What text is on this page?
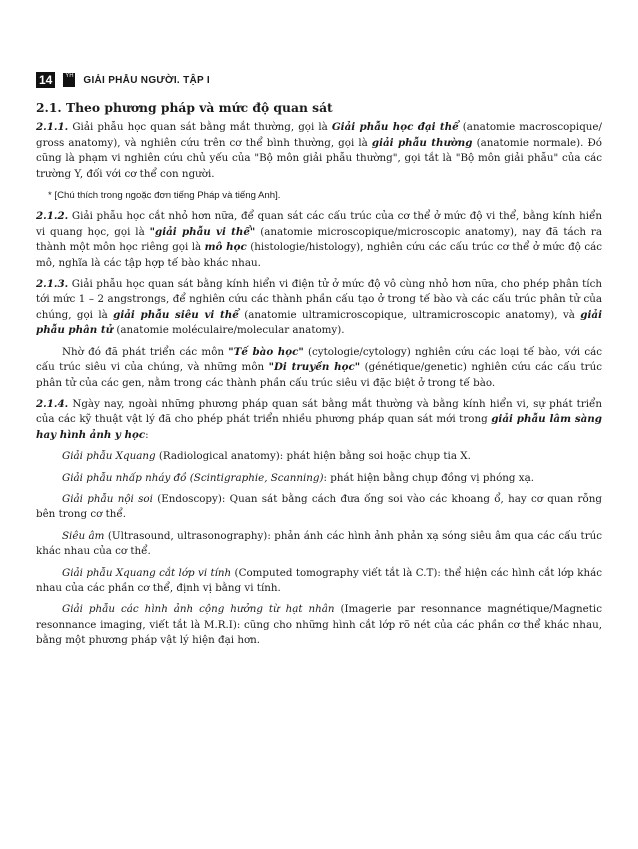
14	YH GIẢI PHẪU NGƯỜI. TẬP I
2.1. Theo phương pháp và mức độ quan sát

2.1.1. Giải phẫu học quan sát bằng mắt thường, gọi là Giải phẫu học đại thể (anatomie macroscopique/ gross anatomy), và nghiên cứu trên cơ thể bình thường, gọi là giải phẫu thường (anatomie normale). Đó cũng là phạm vi nghiên cứu chủ yếu của "Bộ môn giải phẫu thường", gọi tắt là "Bộ môn giải phẫu" của các trường Y, đối với cơ thể con người.

* [Chú thích trong ngoặc đơn tiếng Pháp và tiếng Anh].

2.1.2. Giải phẫu học cắt nhỏ hơn nữa, để quan sát các cấu trúc của cơ thể ở mức độ vi thể, bằng kính hiển vi quang học, gọi là "giải phẫu vi thể" (anatomie microscopique/microscopic anatomy), nay đã tách ra thành một môn học riêng gọi là mô học (histologie/histology), nghiên cứu các cấu trúc cơ thể ở mức độ các mô, nghĩa là các tập hợp tế bào khác nhau.

2.1.3. Giải phẫu học quan sát bằng kính hiển vi điện tử ở mức độ vô cùng nhỏ hơn nữa, cho phép phân tích tới mức 1 – 2 angstrongs, để nghiên cứu các thành phần cấu tạo ở trong tế bào và các cấu trúc phân tử của chúng, gọi là giải phẫu siêu vi thể (anatomie ultramicroscopique, ultramicroscopic anatomy), và giải phẫu phân tử (anatomie moléculaire/molecular anatomy).

Nhờ đó đã phát triển các môn "Tế bào học" (cytologie/cytology) nghiên cứu các loại tế bào, với các cấu trúc siêu vi của chúng, và những môn "Di truyền học" (génétique/genetic) nghiên cứu các cấu trúc phân tử của các gen, nằm trong các thành phần cấu trúc siêu vi đặc biệt ở trong tế bào.

2.1.4. Ngày nay, ngoài những phương pháp quan sát bằng mắt thường và bằng kính hiển vi, sự phát triển của các kỹ thuật vật lý đã cho phép phát triển nhiều phương pháp quan sát mới trong giải phẫu lâm sàng hay hình ảnh y học:

Giải phẫu Xquang (Radiological anatomy): phát hiện bằng soi hoặc chụp tia X.

Giải phẫu nhấp nháy đồ (Scintigraphie, Scanning): phát hiện bằng chụp đồng vị phóng xạ.

Giải phẫu nội soi (Endoscopy): Quan sát bằng cách đưa ống soi vào các khoang ổ, hay cơ quan rỗng bên trong cơ thể.

Siêu âm (Ultrasound, ultrasonography): phản ánh các hình ảnh phản xạ sóng siêu âm qua các cấu trúc khác nhau của cơ thể.

Giải phẫu Xquang cắt lớp vi tính (Computed tomography viết tắt là C.T): thể hiện các hình cắt lớp khác nhau của các phần cơ thể, định vị bằng vi tính.

Giải phẫu các hình ảnh cộng hưởng từ hạt nhân (Imagerie par resonnance magnétique/Magnetic resonnance imaging, viết tắt là M.R.I): cũng cho những hình cắt lớp rõ nét của các phần cơ thể khác nhau, bằng một phương pháp vật lý hiện đại hơn.
